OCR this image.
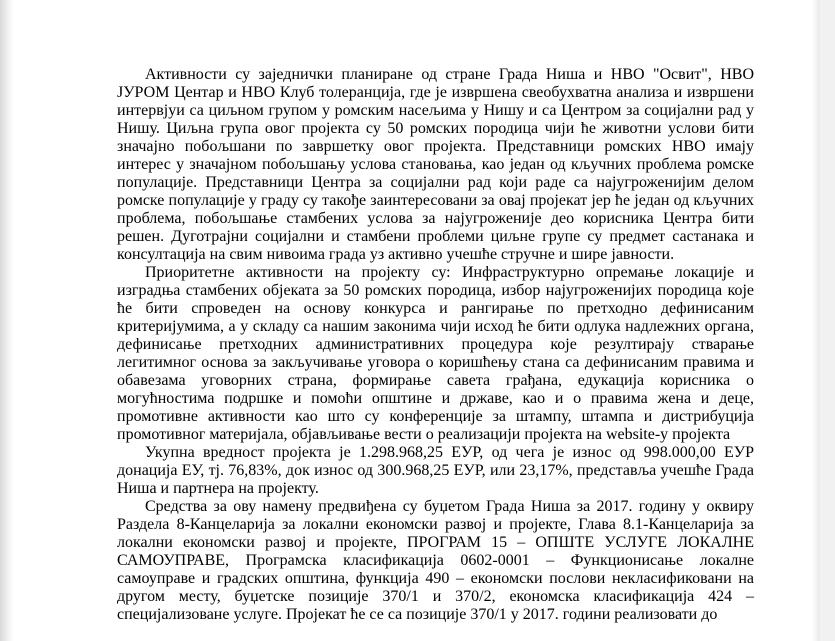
Активности су заједнички планиране од стране Града Ниша и НВО "Освит", НВО ЈУРОМ Центар и НВО Клуб толеранција, где је извршена свеобухватна анализа и извршени интервјуи са циљном групом у ромским насељима у Нишу и са Центром за социјални рад у Нишу. Циљна група овог пројекта су 50 ромских породица чији ће животни услови бити значајно побољшани по завршетку овог пројекта. Представници ромских НВО имају интерес у значајном побољшању услова становања, као један од кључних проблема ромске популације. Представници Центра за социјални рад који раде са најугроженијим делом ромске популације у граду су такође заинтересовани за овај пројекат јер ће један од кључних проблема, побољшање стамбених услова за најугроженије део корисника Центра бити решен. Дуготрајни социјални и стамбени проблеми циљне групе су предмет састанака и консултација на свим нивоима града уз активно учешће стручне и шире јавности.

Приоритетне активности на пројекту су: Инфраструктурно опремање локације и изградња стамбених објеката за 50 ромских породица, избор најугроженијих породица које ће бити спроведен на основу конкурса и рангирање по претходно дефинисаним критеријумима, а у складу са нашим законима чији исход ће бити одлука надлежних органа, дефинисање претходних административних процедура које резултирају стварање легитимног основа за закључивање уговора о коришћењу стана са дефинисаним правима и обавезама уговорних страна, формирање савета грађана, едукација корисника о могућностима подршке и помоћи општине и државе, као и о правима жена и деце, промотивне активности као што су конференције за штампу, штампа и дистрибуција промотивног материјала, објављивање вести о реализацији пројекта на website-у пројекта

Укупна вредност пројекта је 1.298.968,25 ЕУР, од чега је износ од 998.000,00 ЕУР донација ЕУ, тј. 76,83%, док износ од 300.968,25 ЕУР, или 23,17%, представља учешће Града Ниша и партнера на пројекту.

Средства за ову намену предвиђена су буџетом Града Ниша за 2017. годину у оквиру Раздела 8-Канцеларија за локални економски развој и пројекте, Глава 8.1-Канцеларија за локални економски развој и пројекте, ПРОГРАМ 15 – ОПШТЕ УСЛУГЕ ЛОКАЛНЕ САМОУПРАВЕ, Програмска класификација 0602-0001 – Функционисање локалне самоуправе и градских општина, функција 490 – економски послови некласификовани на другом месту, буџетске позиције 370/1 и 370/2, економска класификација 424 – специјализоване услуге. Пројекат ће се са позиције 370/1 у 2017. години реализовати до
